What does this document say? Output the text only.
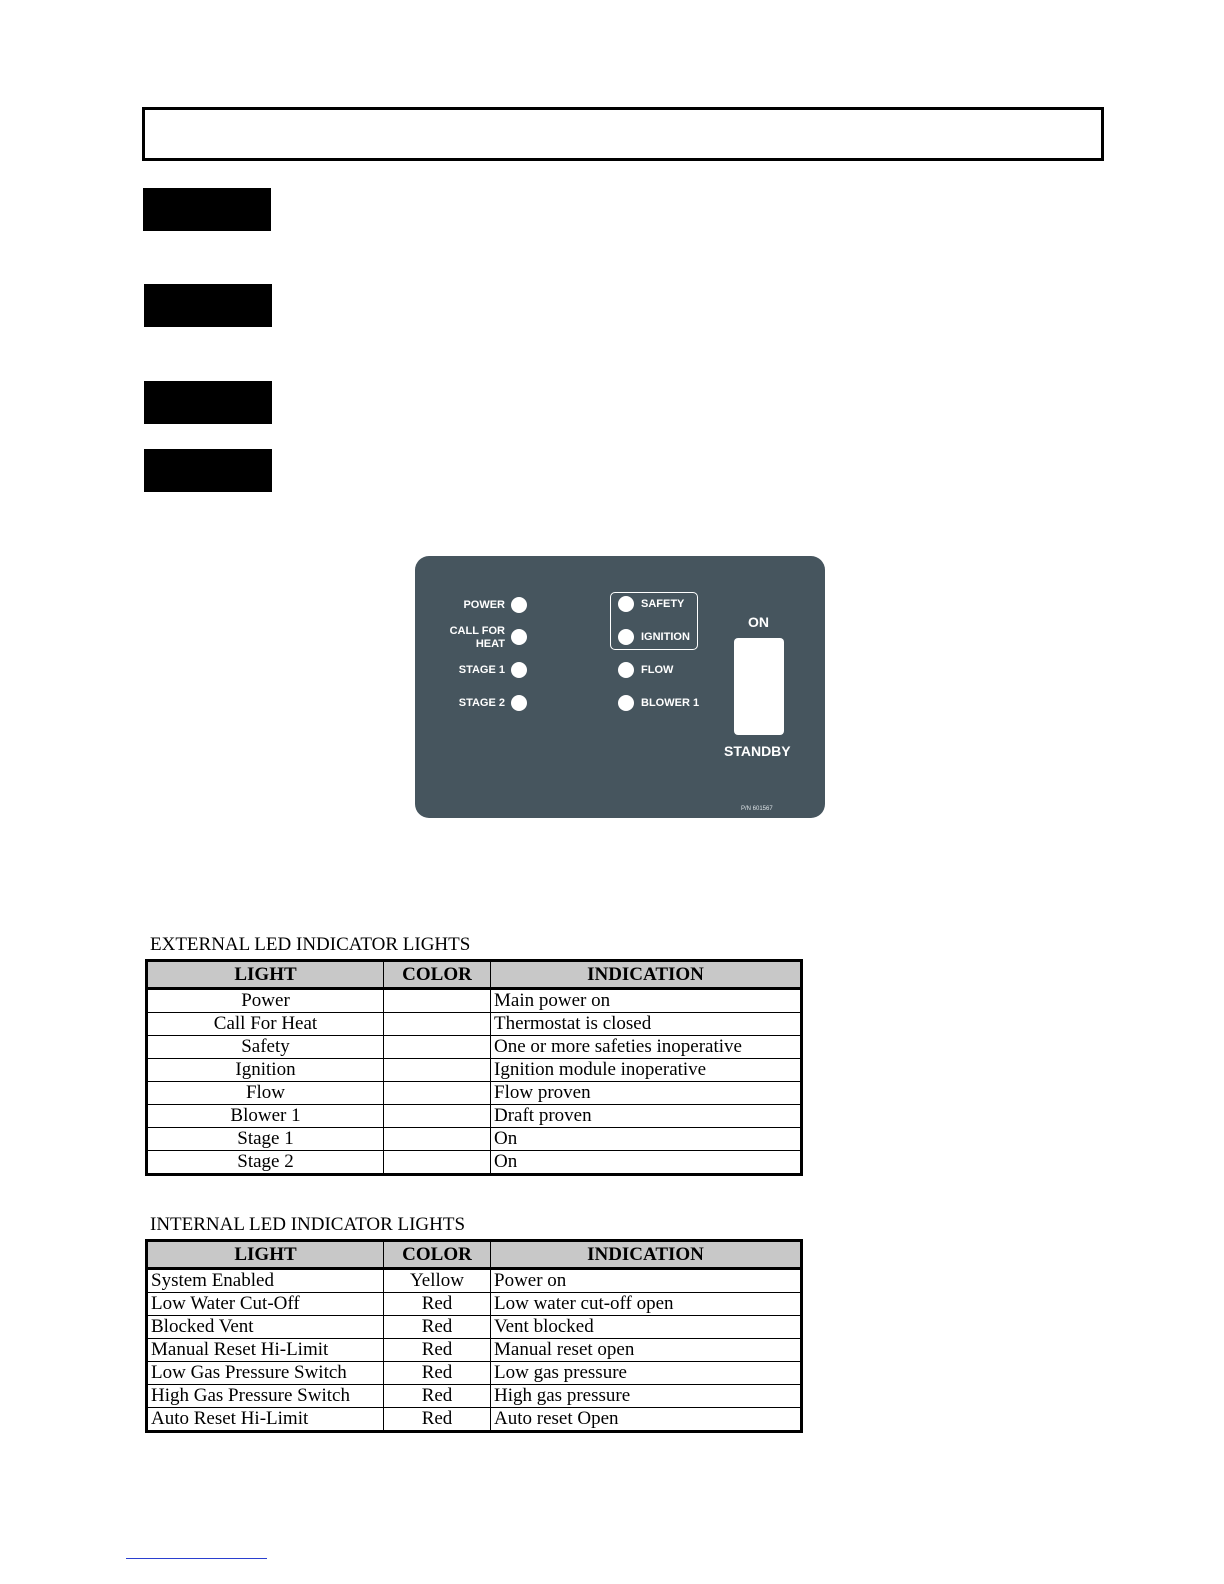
POWER
CALL FOR
HEAT
STAGE 1
STAGE 2
SAFETY
IGNITION
FLOW
BLOWER 1
ON
STANDBY
P/N 601567
EXTERNAL LED INDICATOR LIGHTS
LIGHT	COLOR	INDICATION
Power		Main power on
Call For Heat		Thermostat is closed
Safety		One or more safeties inoperative
Ignition		Ignition module inoperative
Flow		Flow proven
Blower 1		Draft proven
Stage 1		On
Stage 2		On
INTERNAL LED INDICATOR LIGHTS
LIGHT	COLOR	INDICATION
System Enabled	Yellow	Power on
Low Water Cut-Off	Red	Low water cut-off open
Blocked Vent	Red	Vent blocked
Manual Reset Hi-Limit	Red	Manual reset open
Low Gas Pressure Switch	Red	Low gas pressure
High Gas Pressure Switch	Red	High gas pressure
Auto Reset Hi-Limit	Red	Auto reset Open
